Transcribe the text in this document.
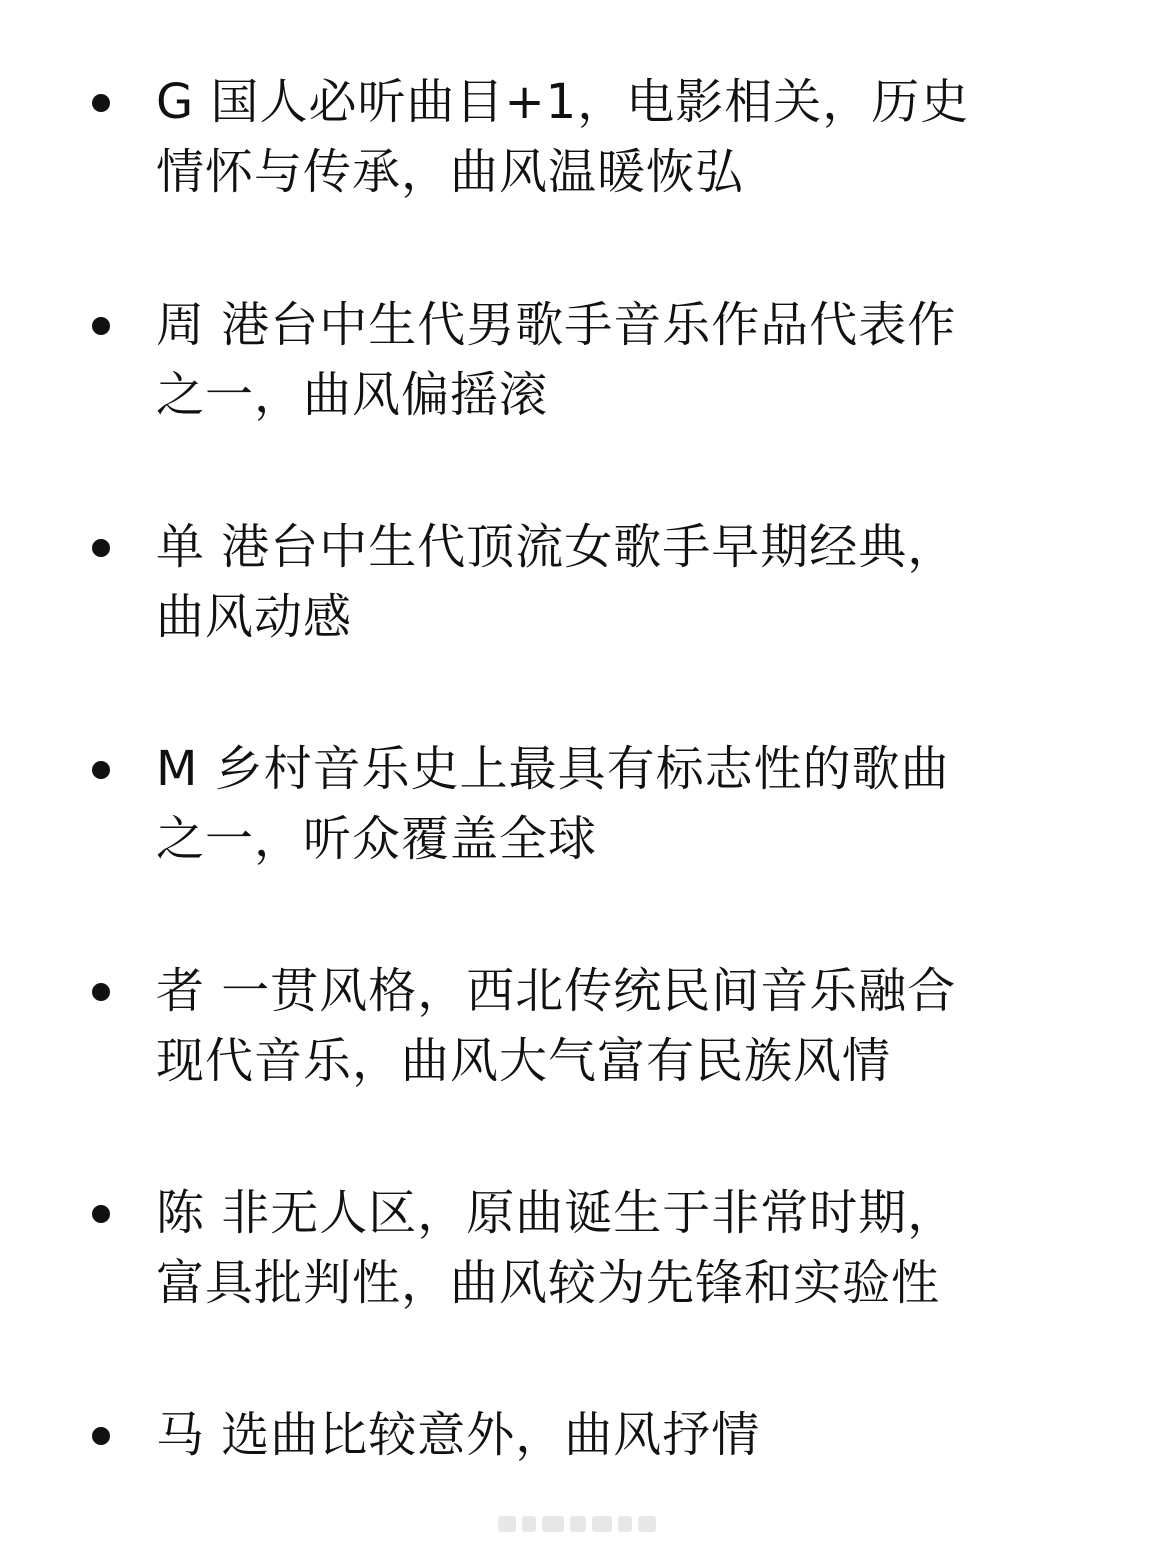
G 国人必听曲目+1，电影相关，历史
情怀与传承，曲风温暖恢弘
周 港台中生代男歌手音乐作品代表作
之一，曲风偏摇滚
单 港台中生代顶流女歌手早期经典，
曲风动感
M 乡村音乐史上最具有标志性的歌曲
之一，听众覆盖全球
者 一贯风格，西北传统民间音乐融合
现代音乐，曲风大气富有民族风情
陈 非无人区，原曲诞生于非常时期，
富具批判性，曲风较为先锋和实验性
马 选曲比较意外，曲风抒情
